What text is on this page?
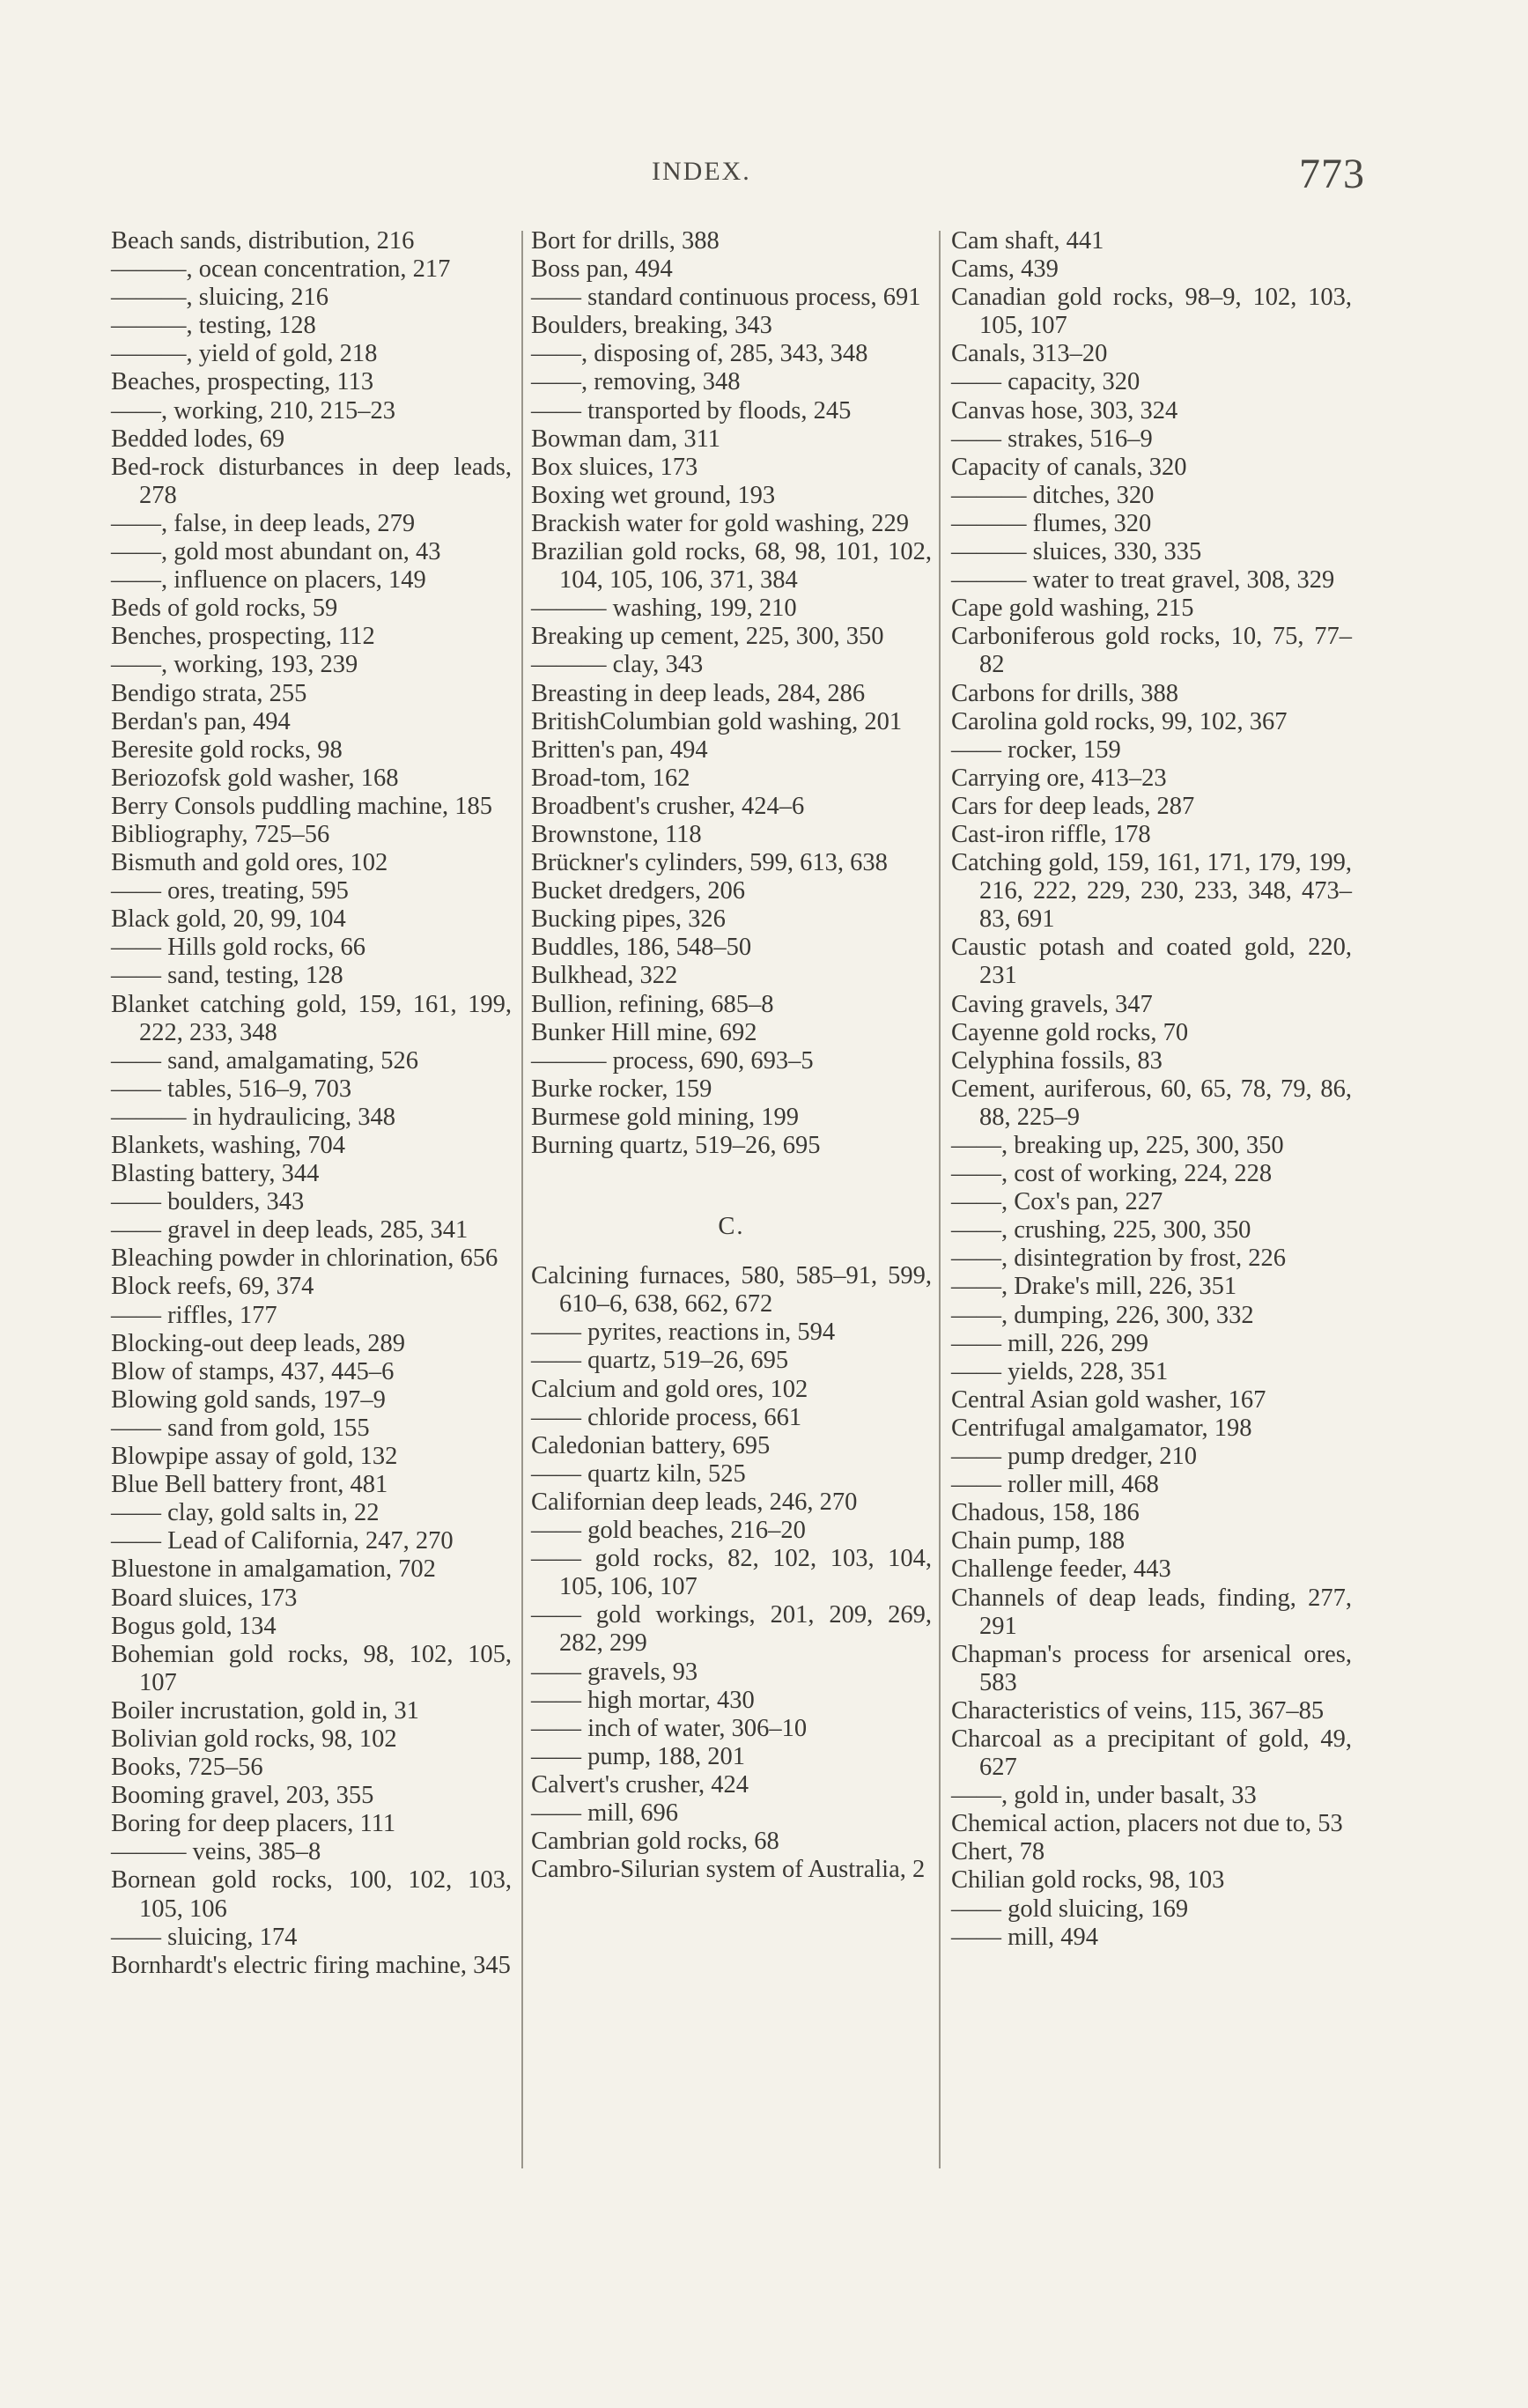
INDEX.	773

Beach sands, distribution, 216

———, ocean concentration, 217

———, sluicing, 216

———, testing, 128

———, yield of gold, 218

Beaches, prospecting, 113

——, working, 210, 215–23

Bedded lodes, 69

Bed-rock disturbances in deep leads, 278

——, false, in deep leads, 279

——, gold most abundant on, 43

——, influence on placers, 149

Beds of gold rocks, 59

Benches, prospecting, 112

——, working, 193, 239

Bendigo strata, 255

Berdan's pan, 494

Beresite gold rocks, 98

Beriozofsk gold washer, 168

Berry Consols puddling machine, 185

Bibliography, 725–56

Bismuth and gold ores, 102

—— ores, treating, 595

Black gold, 20, 99, 104

—— Hills gold rocks, 66

—— sand, testing, 128

Blanket catching gold, 159, 161, 199, 222, 233, 348

—— sand, amalgamating, 526

—— tables, 516–9, 703

——— in hydraulicing, 348

Blankets, washing, 704

Blasting battery, 344

—— boulders, 343

—— gravel in deep leads, 285, 341

Bleaching powder in chlorination, 656

Block reefs, 69, 374

—— riffles, 177

Blocking-out deep leads, 289

Blow of stamps, 437, 445–6

Blowing gold sands, 197–9

—— sand from gold, 155

Blowpipe assay of gold, 132

Blue Bell battery front, 481

—— clay, gold salts in, 22

—— Lead of California, 247, 270

Bluestone in amalgamation, 702

Board sluices, 173

Bogus gold, 134

Bohemian gold rocks, 98, 102, 105, 107

Boiler incrustation, gold in, 31

Bolivian gold rocks, 98, 102

Books, 725–56

Booming gravel, 203, 355

Boring for deep placers, 111

——— veins, 385–8

Bornean gold rocks, 100, 102, 103, 105, 106

—— sluicing, 174

Bornhardt's electric firing machine, 345

Bort for drills, 388

Boss pan, 494

—— standard continuous process, 691

Boulders, breaking, 343

——, disposing of, 285, 343, 348

——, removing, 348

—— transported by floods, 245

Bowman dam, 311

Box sluices, 173

Boxing wet ground, 193

Brackish water for gold washing, 229

Brazilian gold rocks, 68, 98, 101, 102, 104, 105, 106, 371, 384

——— washing, 199, 210

Breaking up cement, 225, 300, 350

——— clay, 343

Breasting in deep leads, 284, 286

BritishColumbian gold washing, 201

Britten's pan, 494

Broad-tom, 162

Broadbent's crusher, 424–6

Brownstone, 118

Brückner's cylinders, 599, 613, 638

Bucket dredgers, 206

Bucking pipes, 326

Buddles, 186, 548–50

Bulkhead, 322

Bullion, refining, 685–8

Bunker Hill mine, 692

——— process, 690, 693–5

Burke rocker, 159

Burmese gold mining, 199

Burning quartz, 519–26, 695

C.

Calcining furnaces, 580, 585–91, 599, 610–6, 638, 662, 672

—— pyrites, reactions in, 594

—— quartz, 519–26, 695

Calcium and gold ores, 102

—— chloride process, 661

Caledonian battery, 695

—— quartz kiln, 525

Californian deep leads, 246, 270

—— gold beaches, 216–20

—— gold rocks, 82, 102, 103, 104, 105, 106, 107

—— gold workings, 201, 209, 269, 282, 299

—— gravels, 93

—— high mortar, 430

—— inch of water, 306–10

—— pump, 188, 201

Calvert's crusher, 424

—— mill, 696

Cambrian gold rocks, 68

Cambro-Silurian system of Australia, 2

Cam shaft, 441

Cams, 439

Canadian gold rocks, 98–9, 102, 103, 105, 107

Canals, 313–20

—— capacity, 320

Canvas hose, 303, 324

—— strakes, 516–9

Capacity of canals, 320

——— ditches, 320

——— flumes, 320

——— sluices, 330, 335

——— water to treat gravel, 308, 329

Cape gold washing, 215

Carboniferous gold rocks, 10, 75, 77–82

Carbons for drills, 388

Carolina gold rocks, 99, 102, 367

—— rocker, 159

Carrying ore, 413–23

Cars for deep leads, 287

Cast-iron riffle, 178

Catching gold, 159, 161, 171, 179, 199, 216, 222, 229, 230, 233, 348, 473–83, 691

Caustic potash and coated gold, 220, 231

Caving gravels, 347

Cayenne gold rocks, 70

Celyphina fossils, 83

Cement, auriferous, 60, 65, 78, 79, 86, 88, 225–9

——, breaking up, 225, 300, 350

——, cost of working, 224, 228

——, Cox's pan, 227

——, crushing, 225, 300, 350

——, disintegration by frost, 226

——, Drake's mill, 226, 351

——, dumping, 226, 300, 332

—— mill, 226, 299

—— yields, 228, 351

Central Asian gold washer, 167

Centrifugal amalgamator, 198

—— pump dredger, 210

—— roller mill, 468

Chadous, 158, 186

Chain pump, 188

Challenge feeder, 443

Channels of deap leads, finding, 277, 291

Chapman's process for arsenical ores, 583

Characteristics of veins, 115, 367–85

Charcoal as a precipitant of gold, 49, 627

——, gold in, under basalt, 33

Chemical action, placers not due to, 53

Chert, 78

Chilian gold rocks, 98, 103

—— gold sluicing, 169

—— mill, 494
